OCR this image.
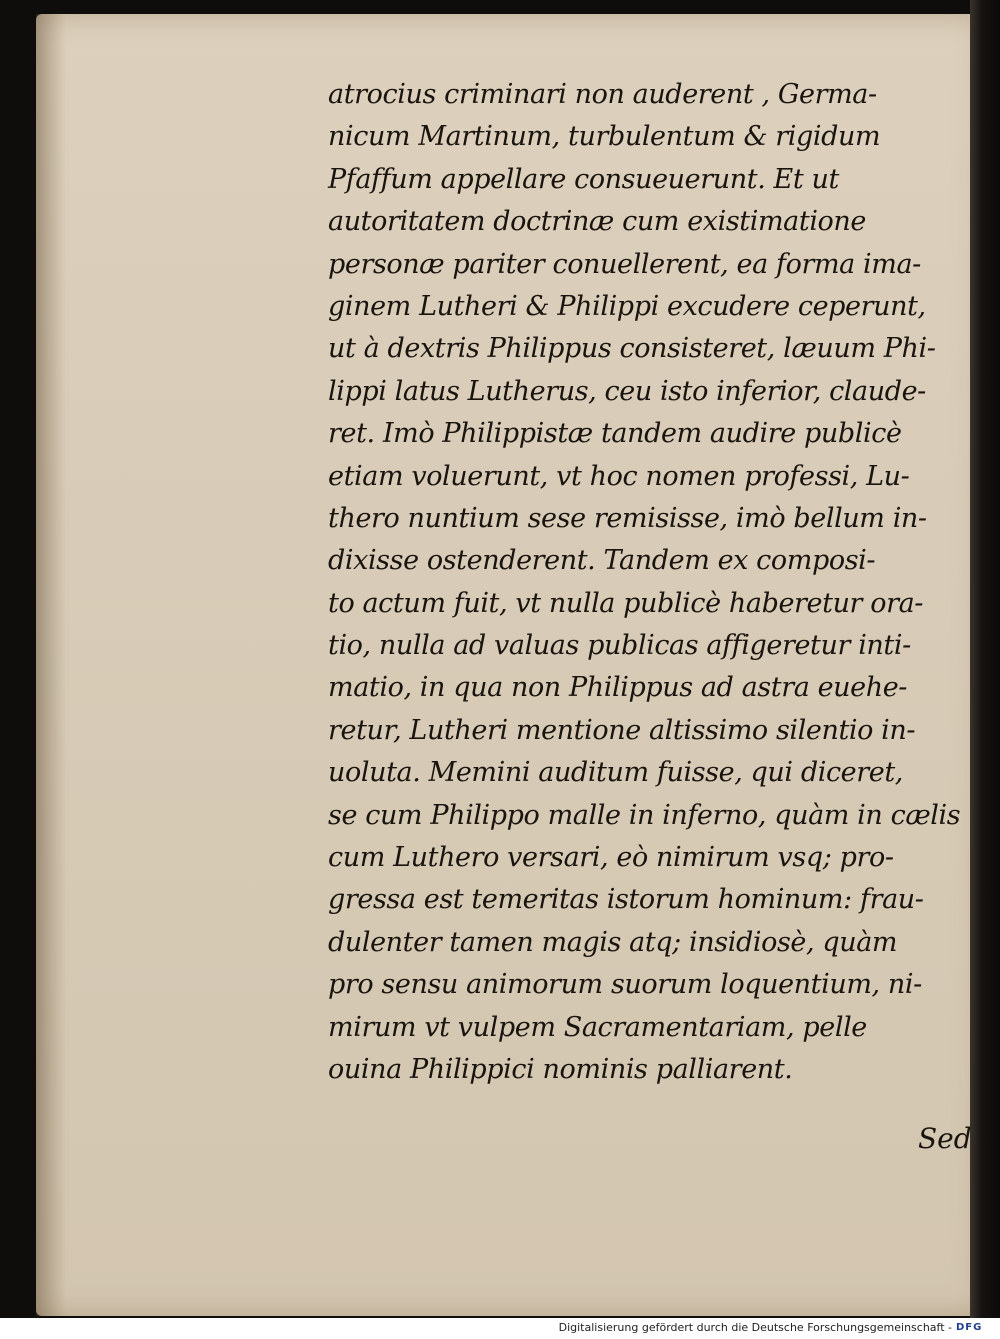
atrocius criminari non auderent , Germa-
nicum Martinum, turbulentum & rigidum
Pfaffum appellare consueuerunt. Et ut
autoritatem doctrinæ cum existimatione
personæ pariter conuellerent, ea forma ima-
ginem Lutheri & Philippi excudere ceperunt,
ut à dextris Philippus consisteret, læuum Phi-
lippi latus Lutherus, ceu isto inferior, claude-
ret. Imò Philippistæ tandem audire publicè
etiam voluerunt, vt hoc nomen professi, Lu-
thero nuntium sese remisisse, imò bellum in-
dixisse ostenderent. Tandem ex composi-
to actum fuit, vt nulla publicè haberetur ora-
tio, nulla ad valuas publicas affigeretur inti-
matio, in qua non Philippus ad astra euehe-
retur, Lutheri mentione altissimo silentio in-
uoluta. Memini auditum fuisse, qui diceret,
se cum Philippo malle in inferno, quàm in cælis
cum Luthero versari, eò nimirum vsq; pro-
gressa est temeritas istorum hominum: frau-
dulenter tamen magis atq; insidiosè, quàm
pro sensu animorum suorum loquentium, ni-
mirum vt vulpem Sacramentariam, pelle
ouina Philippici nominis palliarent.
Sed
Digitalisierung gefördert durch die Deutsche Forschungsgemeinschaft - DFG
